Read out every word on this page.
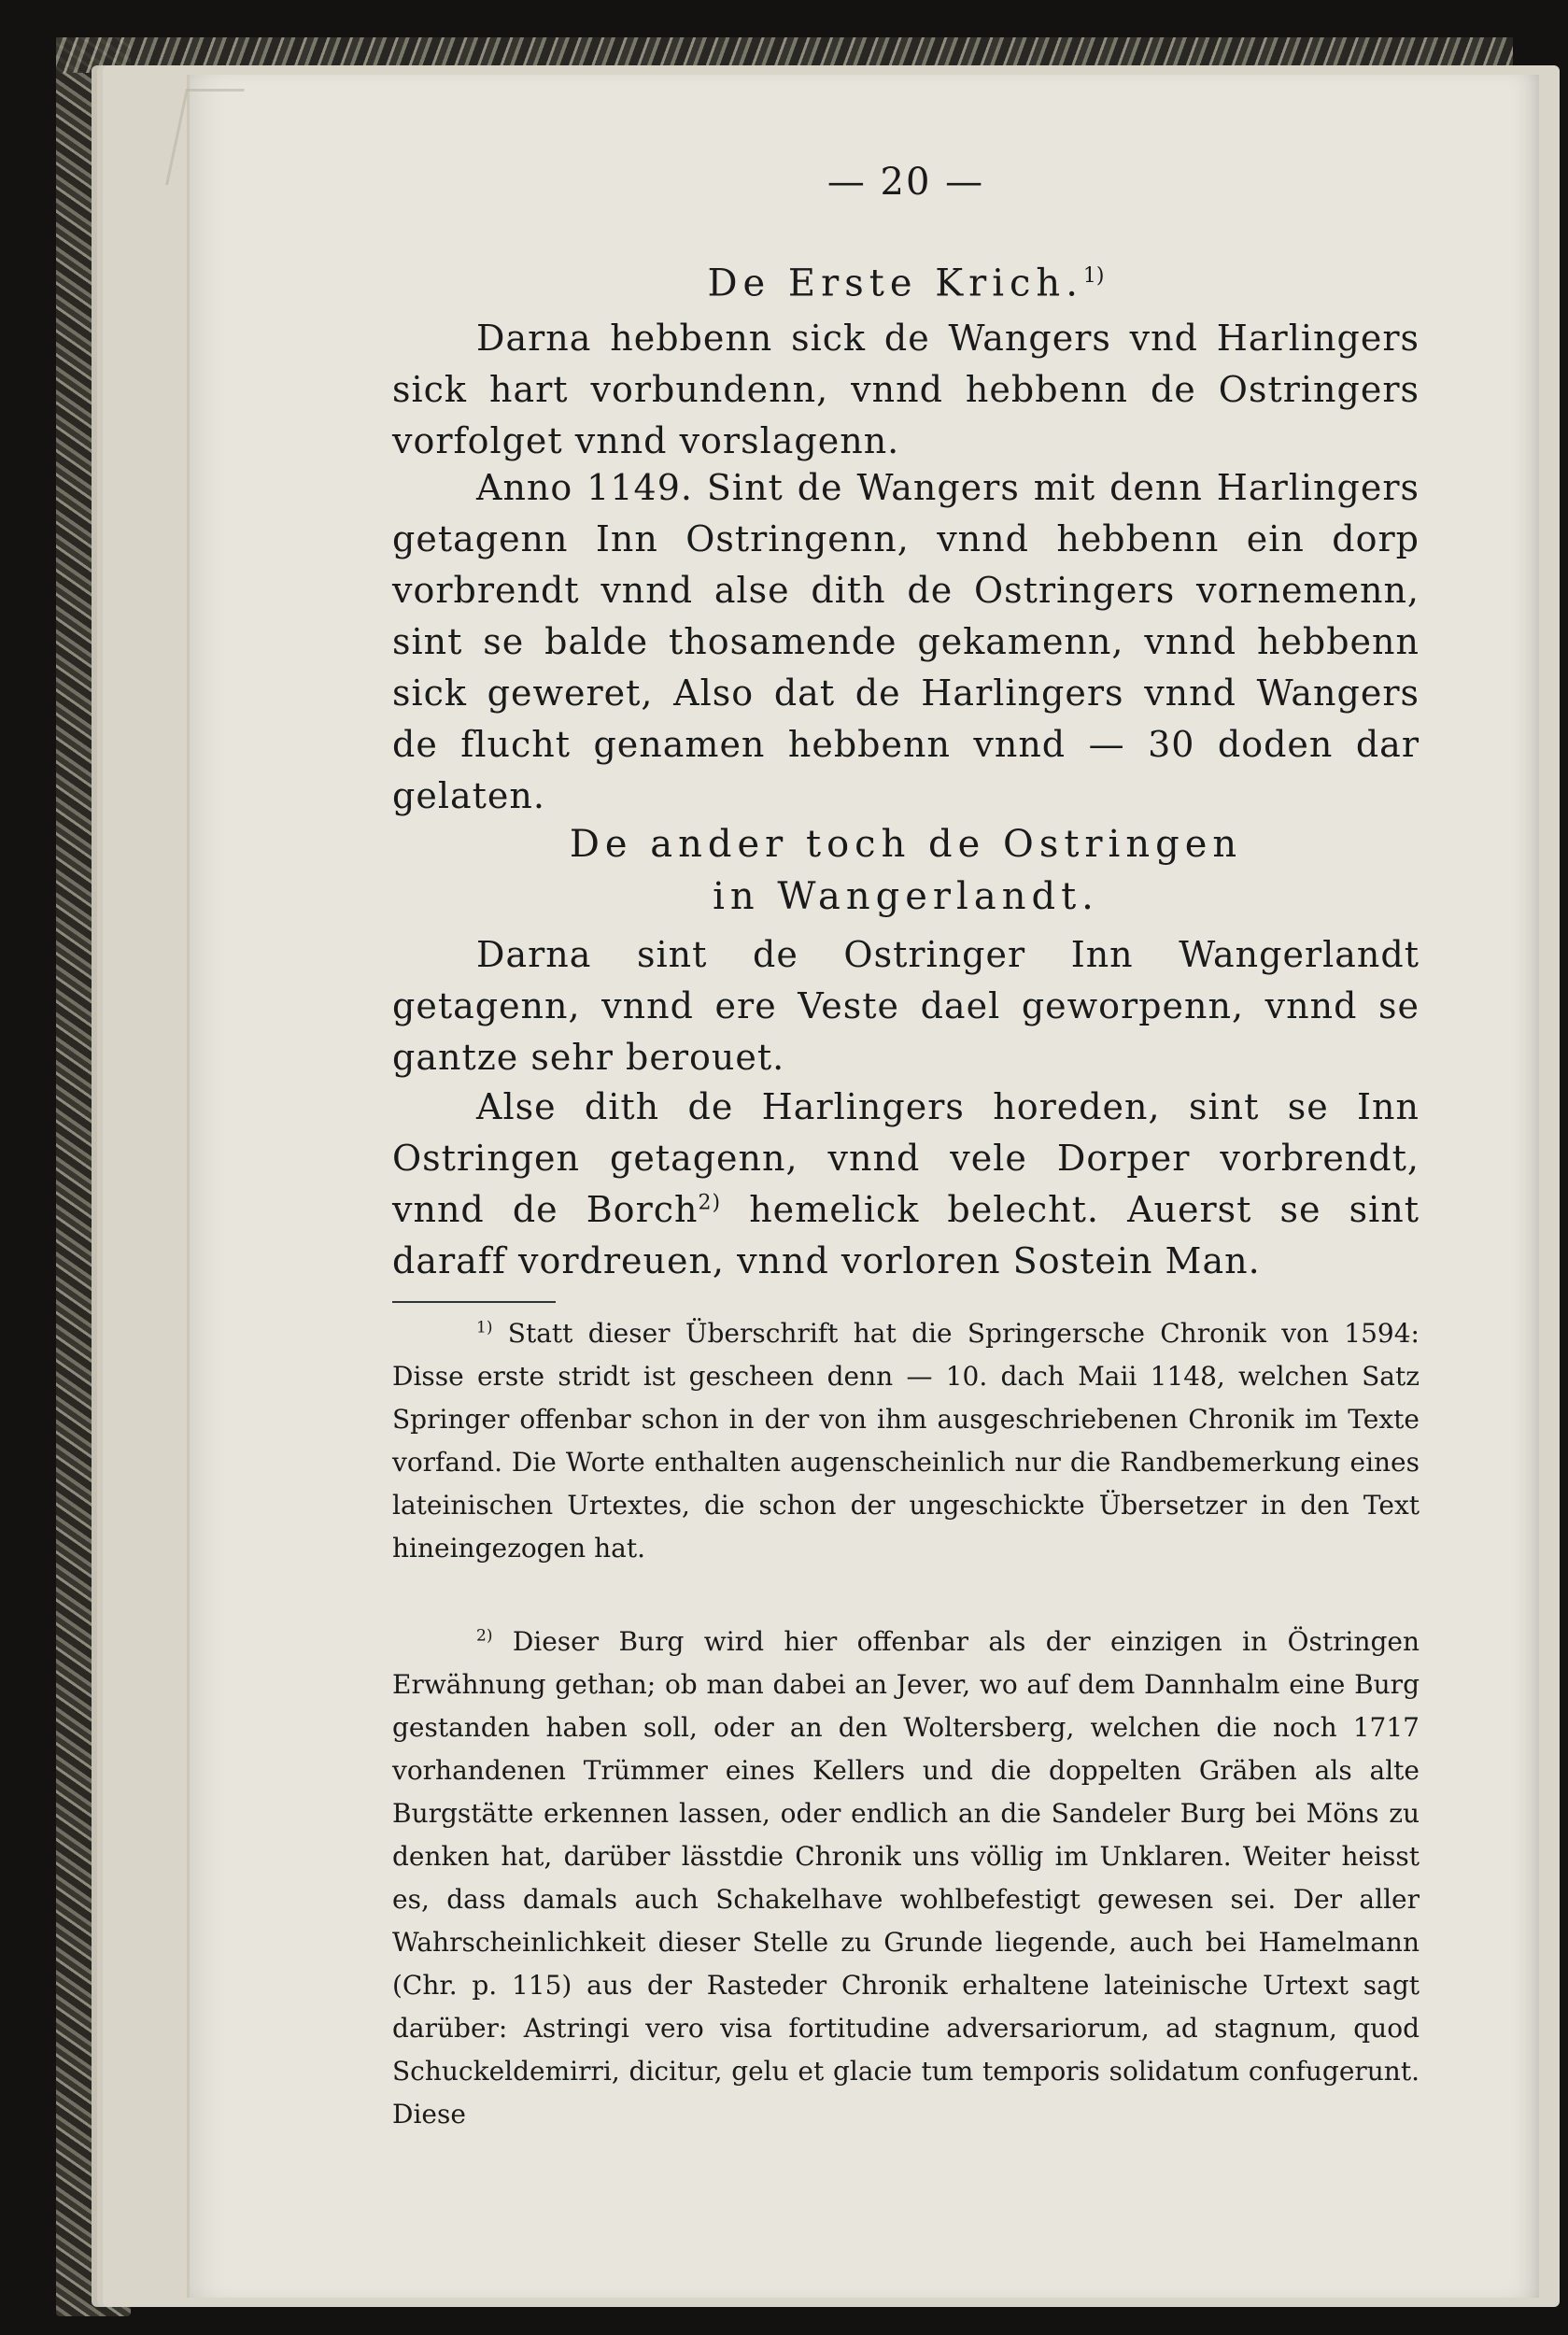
— 20 —
De Erste Krich.$^{1)}$
Darna hebbenn sick de Wangers vnd Harlingers sick hart vorbundenn, vnnd hebbenn de Ostringers vorfolget vnnd vorslagenn.
Anno 1149. Sint de Wangers mit denn Harlingers getagenn Inn Ostringenn, vnnd hebbenn ein dorp vorbrendt vnnd alse dith de Ostringers vornemenn, sint se balde thosamende gekamenn, vnnd hebbenn sick geweret, Also dat de Harlingers vnnd Wangers de flucht genamen hebbenn vnnd — 30 doden dar gelaten.
De ander toch de Ostringen
in Wangerlandt.
Darna sint de Ostringer Inn Wangerlandt getagenn, vnnd ere Veste dael geworpenn, vnnd se gantze sehr berouet.
Alse dith de Harlingers horeden, sint se Inn Ostringen getagenn, vnnd vele Dorper vorbrendt, vnnd de Borch$^{2)}$ hemelick belecht. Auerst se sint daraff vordreuen, vnnd vorloren Sostein Man.
$^{1)}$ Statt dieser Überschrift hat die Springersche Chronik von 1594: Disse erste stridt ist gescheen denn — 10. dach Maii 1148, welchen Satz Springer offenbar schon in der von ihm ausgeschriebenen Chronik im Texte vorfand. Die Worte enthalten augenscheinlich nur die Randbemerkung eines lateinischen Urtextes, die schon der ungeschickte Übersetzer in den Text hineingezogen hat.
$^{2)}$ Dieser Burg wird hier offenbar als der einzigen in Östringen Erwähnung gethan; ob man dabei an Jever, wo auf dem Dannhalm eine Burg gestanden haben soll, oder an den Woltersberg, welchen die noch 1717 vorhandenen Trümmer eines Kellers und die doppelten Gräben als alte Burgstätte erkennen lassen, oder endlich an die Sandeler Burg bei Möns zu denken hat, darüber lässtdie Chronik uns völlig im Unklaren. Weiter heisst es, dass damals auch Schakelhave wohlbefestigt gewesen sei. Der aller Wahrscheinlichkeit dieser Stelle zu Grunde liegende, auch bei Hamelmann (Chr. p. 115) aus der Rasteder Chronik erhaltene lateinische Urtext sagt darüber: Astringi vero visa fortitudine adversariorum, ad stagnum, quod Schuckeldemirri, dicitur, gelu et glacie tum temporis solidatum confugerunt. Diese
